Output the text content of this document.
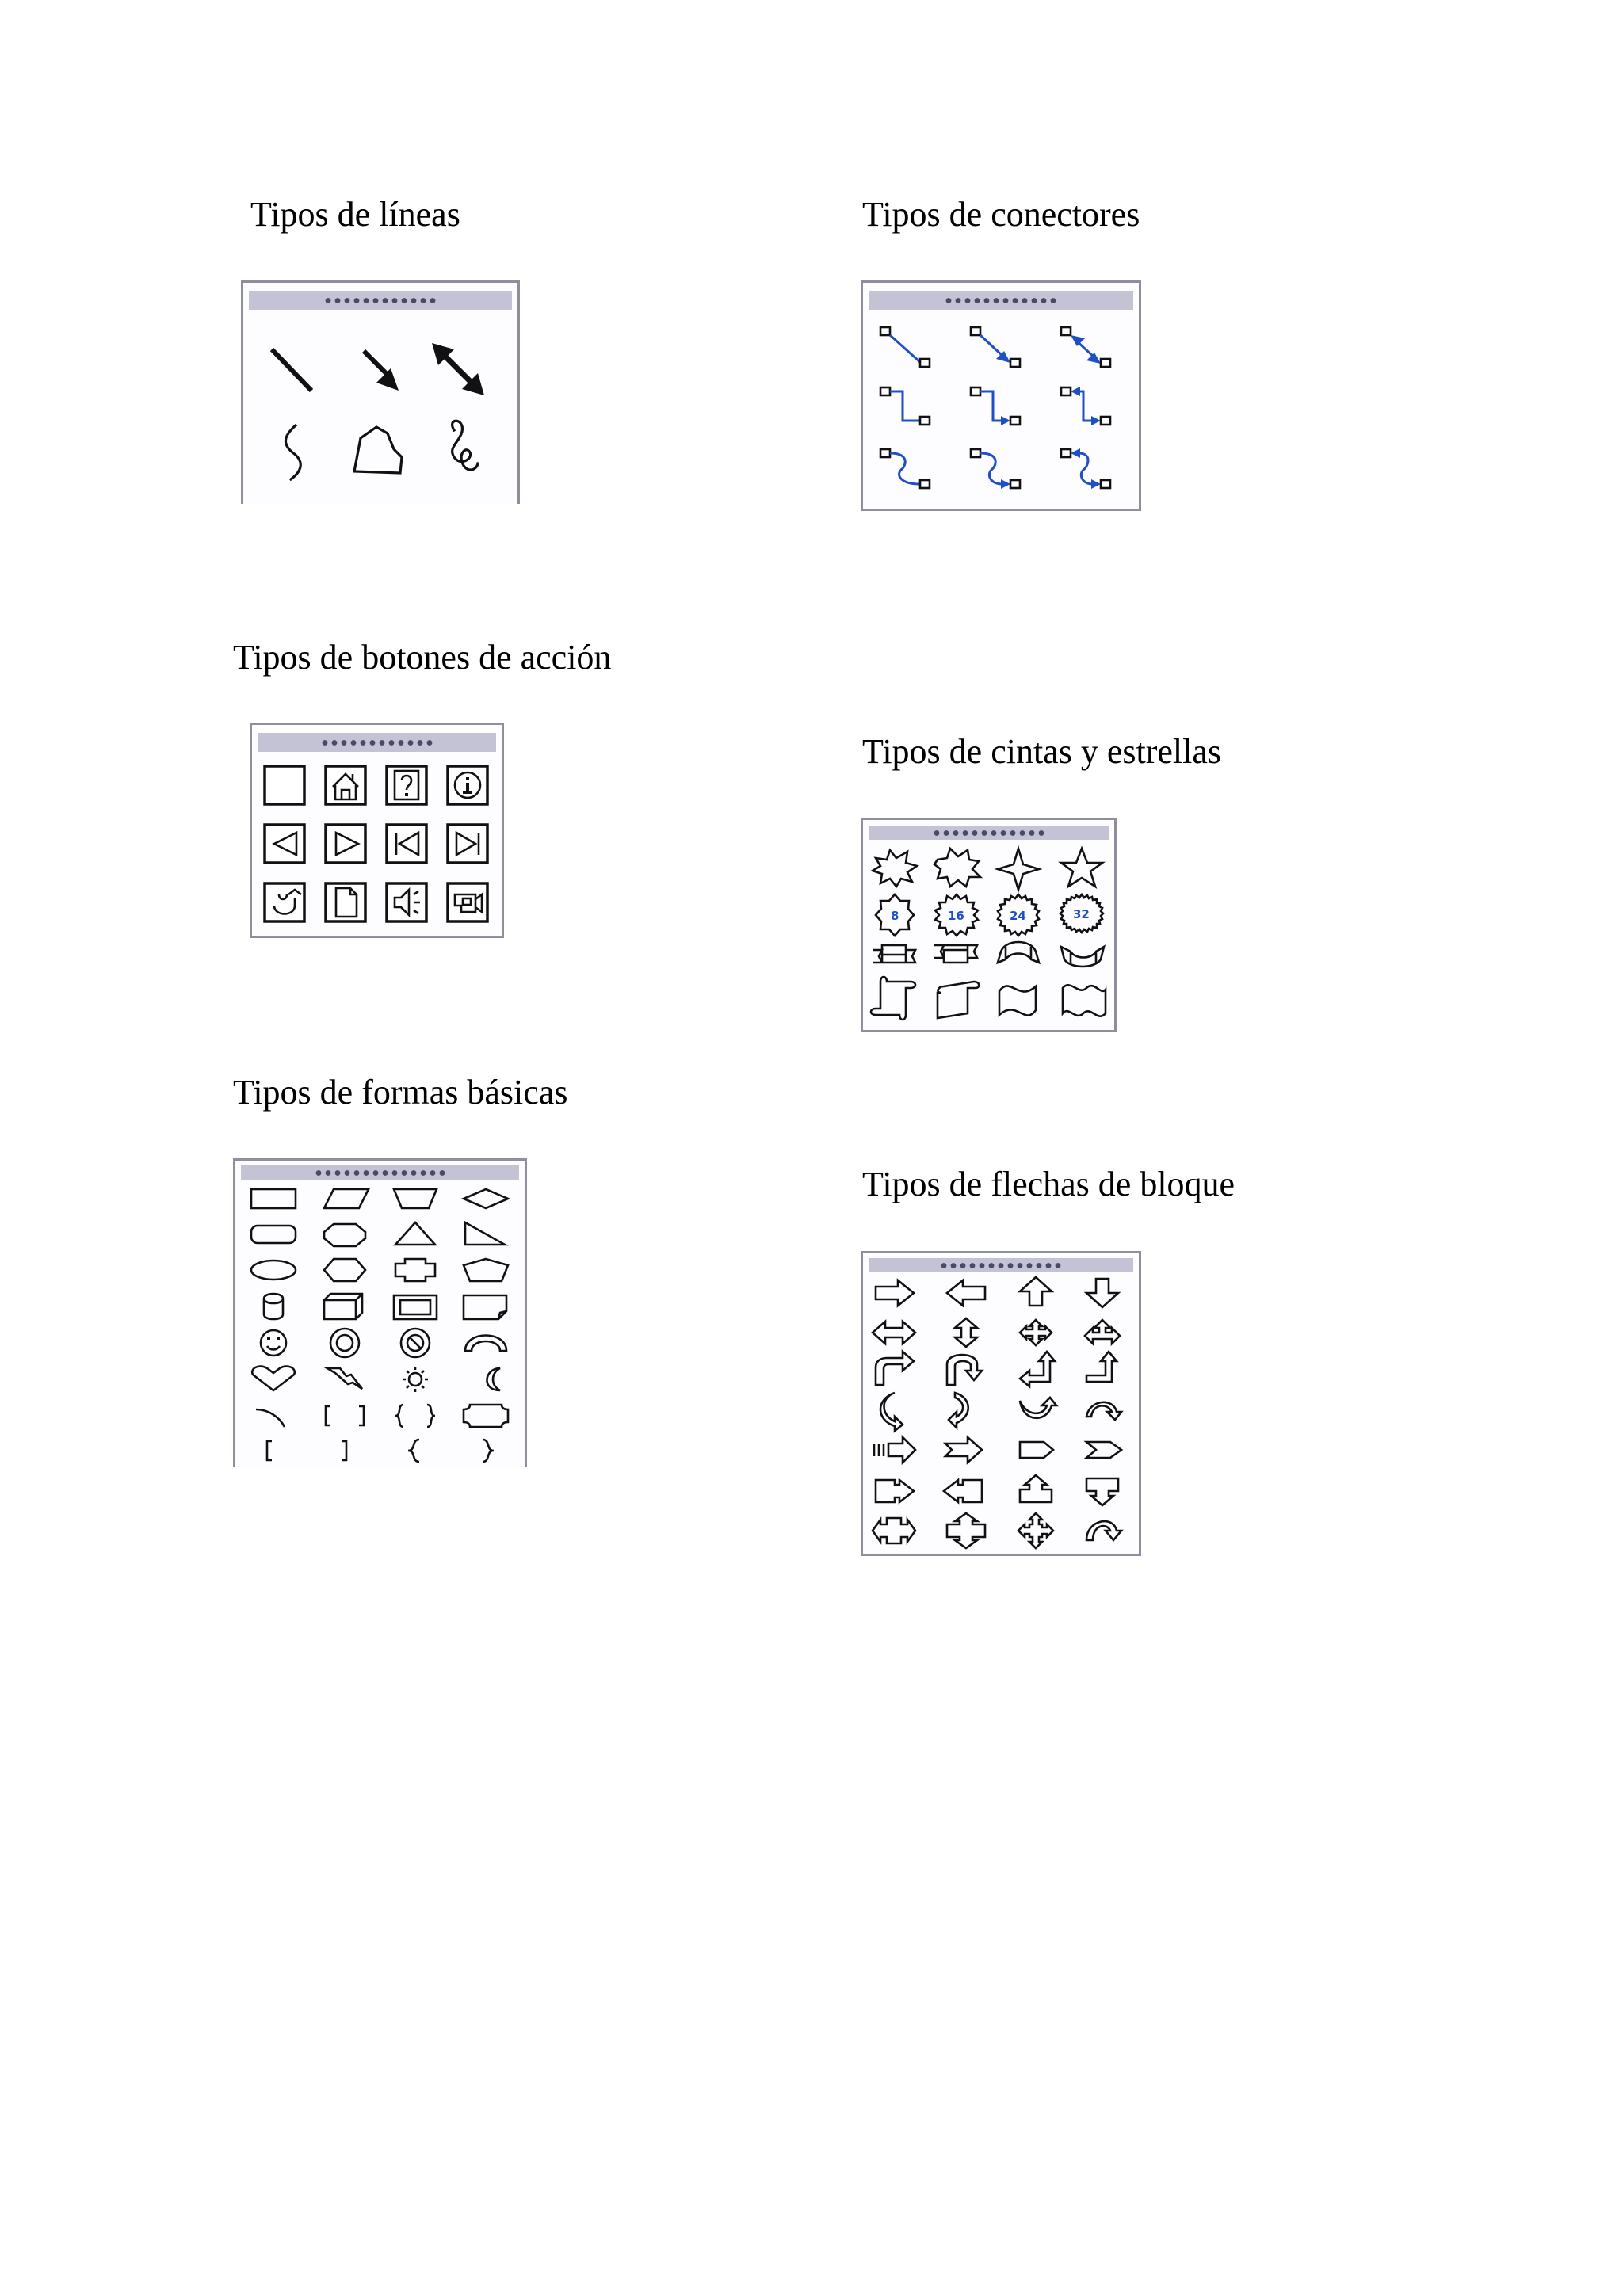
Tipos de líneas	Tipos de conectores
Tipos de botones de acción
Tipos de cintas y estrellas
Tipos de formas básicas
Tipos de flechas de bloque
8	16	24	32
